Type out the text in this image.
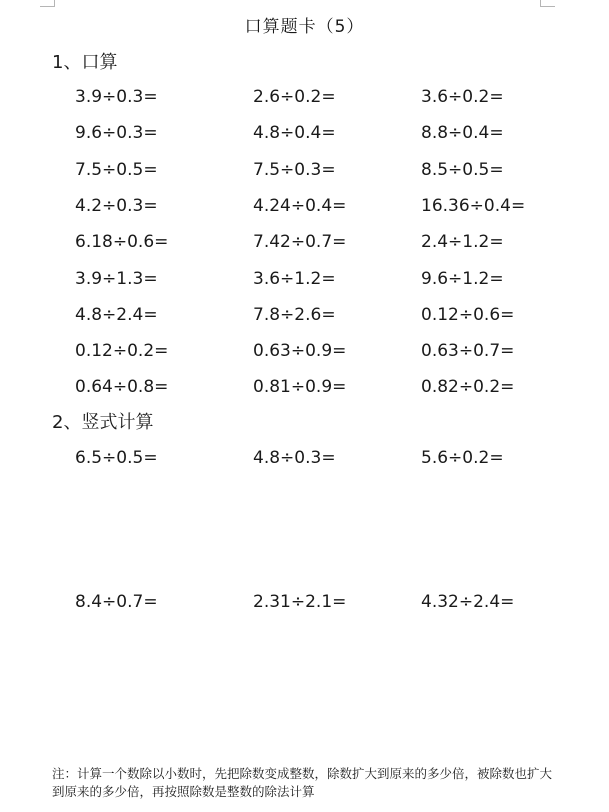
口算题卡（5）
1、口算
3.9÷0.3=	2.6÷0.2=	3.6÷0.2=
9.6÷0.3=	4.8÷0.4=	8.8÷0.4=
7.5÷0.5=	7.5÷0.3=	8.5÷0.5=
4.2÷0.3=	4.24÷0.4=	16.36÷0.4=
6.18÷0.6=	7.42÷0.7=	2.4÷1.2=
3.9÷1.3=	3.6÷1.2=	9.6÷1.2=
4.8÷2.4=	7.8÷2.6=	0.12÷0.6=
0.12÷0.2=	0.63÷0.9=	0.63÷0.7=
0.64÷0.8=	0.81÷0.9=	0.82÷0.2=
2、竖式计算
6.5÷0.5=	4.8÷0.3=	5.6÷0.2=
8.4÷0.7=	2.31÷2.1=	4.32÷2.4=
注：计算一个数除以小数时，先把除数变成整数，除数扩大到原来的多少倍，被除数也扩大到原来的多少倍，再按照除数是整数的除法计算
